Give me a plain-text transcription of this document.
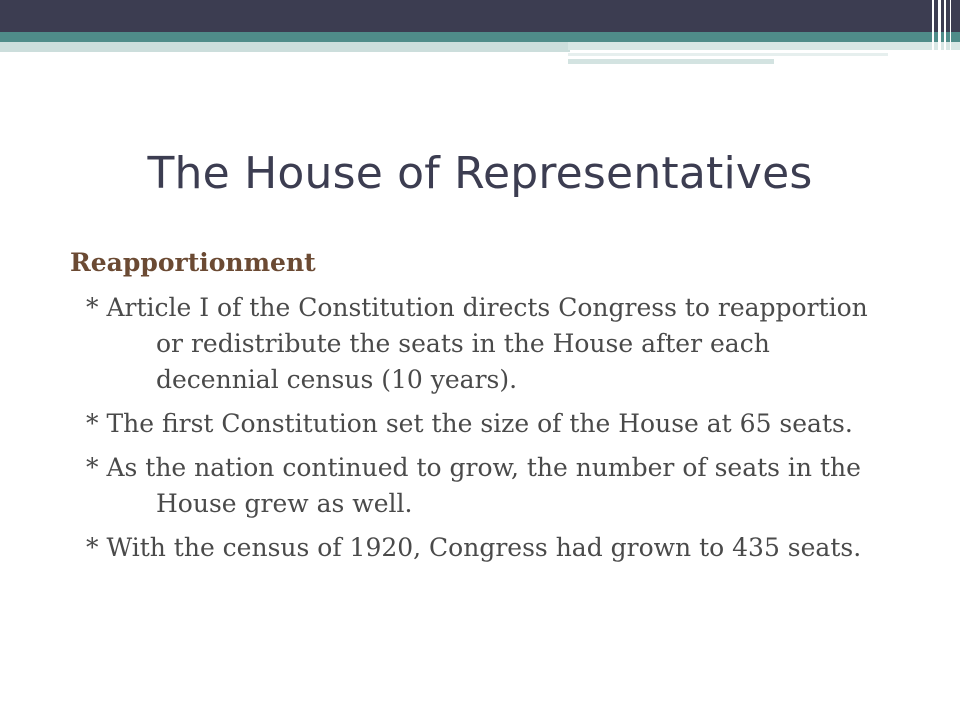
The House of Representatives

Reapportionment

* Article I of the Constitution directs Congress to reapportion or redistribute the seats in the House after each decennial census (10 years).

* The first Constitution set the size of the House at 65 seats.

* As the nation continued to grow, the number of seats in the House grew as well.

* With the census of 1920, Congress had grown to 435 seats.
